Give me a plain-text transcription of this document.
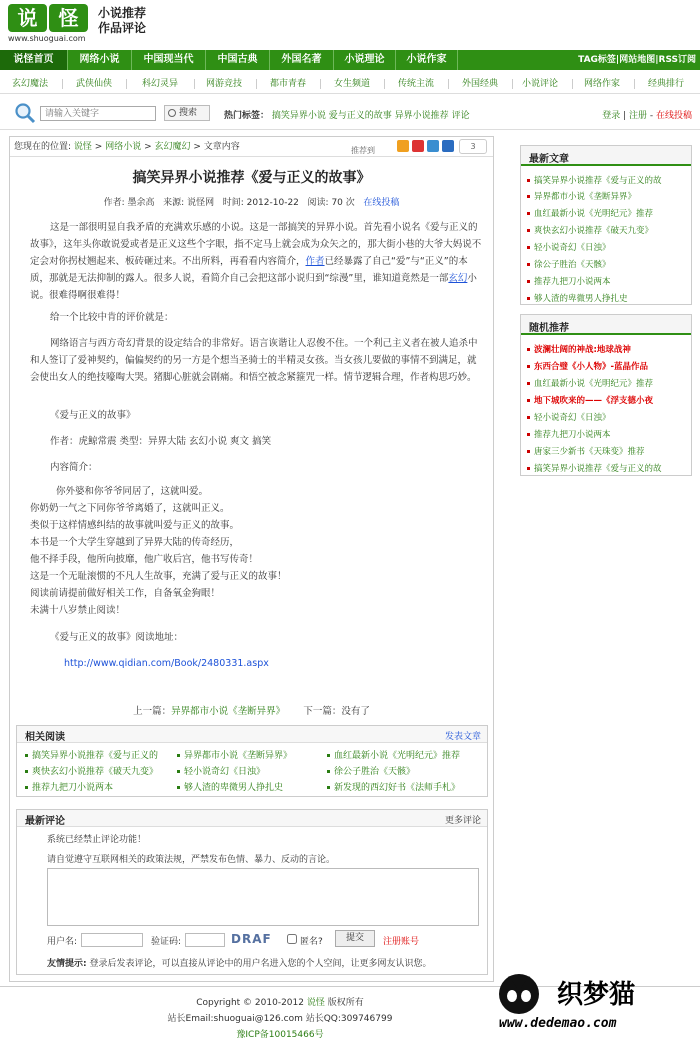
说	怪
www.shuoguai.com
小说推荐
作品评论
说怪首页	网络小说	中国现当代	中国古典	外国名著	小说理论	小说作家	TAG标签|网站地图|RSS订阅
玄幻魔法	武侠仙侠	科幻灵异	网游竞技	都市青春	女生频道	传统主流	外国经典	小说评论	网络作家	经典排行
请输入关键字
搜索	热门标签： 搞笑异界小说 爱与正义的故事 异界小说推荐 评论	登录 | 注册 - 在线投稿
您现在的位置: 说怪 > 网络小说 > 玄幻魔幻 > 文章内容	推荐到	3
搞笑异界小说推荐《爱与正义的故事》
作者: 墨余高 来源: 说怪网 时间: 2012-10-22 阅读: 70 次 在线投稿

这是一部很明显自我矛盾的充满欢乐感的小说。这是一部搞笑的异界小说。首先看小说名《爱与正义的故事》，这年头你敢说爱或者是正义这些个字眼，指不定马上就会成为众矢之的，那大街小巷的大爷大妈说不定会对你拐杖翘起来、板砖砸过来。不出所料，再看看内容简介，作者已经暴露了自己“爱”与“正义”的本质，那就是无法抑制的露人。很多人说，看简介自己会把这部小说归到“综漫”里，谁知道竟然是一部玄幻小说。很难得啊很难得！

给一个比较中肯的评价就是：

网络语言与西方奇幻背景的设定结合的非常好。语言诙谐让人忍俊不住。一个利己主义者在被人追杀中和人签订了爱神契约，偏偏契约的另一方是个想当圣骑士的半精灵女孩。当女孩儿要做的事情不到满足，就会使出女人的绝技嚎啕大哭。猪脚心脏就会剧痛。和悟空被念紧箍咒一样。情节逻辑合理，作者构思巧妙。

《爱与正义的故事》

作者：虎鲸常震 类型：异界大陆 玄幻小说 爽文 搞笑

内容简介：

你外婆和你爷爷同居了，这就叫爱。

你奶奶一气之下同你爷爷离婚了，这就叫正义。

类似于这样情感纠结的故事就叫爱与正义的故事。

本书是一个大学生穿越到了异界大陆的传奇经历，

他不择手段，他所向披靡，他广收后宫，他书写传奇！

这是一个无耻滚惯的不凡人生故事，充满了爱与正义的故事！

阅读前请提前做好相关工作，自备氧金狗眼！

未满十八岁禁止阅读！

《爱与正义的故事》阅读地址：

http://www.qidian.com/Book/2480331.aspx

上一篇：异界都市小说《垄断异界》 下一篇：没有了
相关阅读	发表文章
搞笑异界小说推荐《爱与正义的	异界都市小说《垄断异界》	血红最新小说《光明纪元》推荐
爽快玄幻小说推荐《破天九变》	轻小说奇幻《日浊》	徐公子胜治《天骸》
推荐九把刀小说两本	够人渣的卑微男人挣扎史	新发现的西幻好书《法师手札》
最新评论	更多评论
系统已经禁止评论功能！
请自觉遵守互联网相关的政策法规，严禁发布色情、暴力、反动的言论。
用户名:	验证码:	DRAF	匿名?	提交	注册账号
友情提示: 登录后发表评论，可以直接从评论中的用户名进入您的个人空间，让更多网友认识您。
最新文章
搞笑异界小说推荐《爱与正义的故
异界都市小说《垄断异界》
血红最新小说《光明纪元》推荐
爽快玄幻小说推荐《破天九变》
轻小说奇幻《日浊》
徐公子胜治《天骸》
推荐九把刀小说两本
够人渣的卑微男人挣扎史
随机推荐
波澜壮阔的神战:地球战神
东西合璧《小人物》-蓝晶作品
血红最新小说《光明纪元》推荐
地下城吹来的——《浮支德小夜
轻小说奇幻《日浊》
推荐九把刀小说两本
唐家三少新书《天珠变》推荐
搞笑异界小说推荐《爱与正义的故
Copyright © 2010-2012 说怪 版权所有
站长Email:shuoguai@126.com 站长QQ:309746799
豫ICP备10015466号
织梦猫
www.dedemao.com
